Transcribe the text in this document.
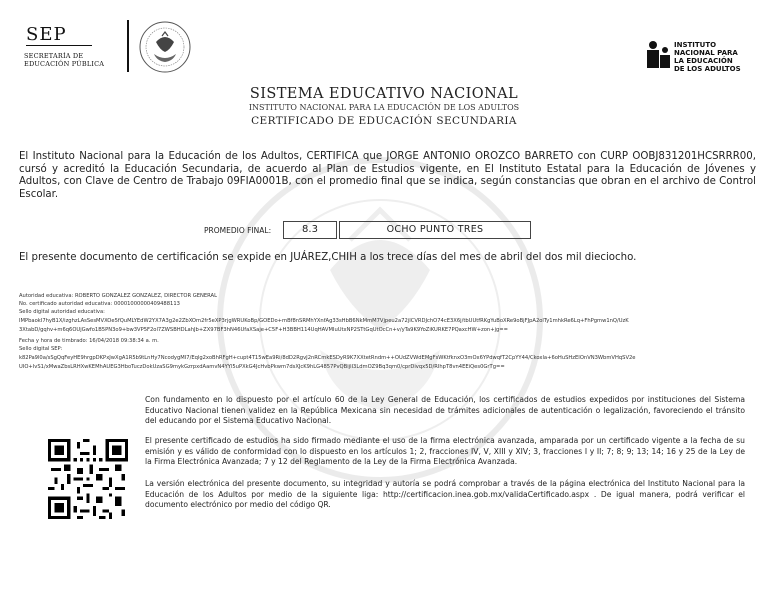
SEP
SECRETARÍA DE
EDUCACIÓN PÚBLICA
INSTITUTO
NACIONAL PARA
LA EDUCACIÓN
DE LOS ADULTOS
SISTEMA EDUCATIVO NACIONAL
INSTITUTO NACIONAL PARA LA EDUCACIÓN DE LOS ADULTOS
CERTIFICADO DE EDUCACIÓN SECUNDARIA
El Instituto Nacional para la Educación de los Adultos, CERTIFICA que JORGE ANTONIO OROZCO BARRETO con CURP OOBJ831201HCSRRR00, cursó y acreditó la Educación Secundaria, de acuerdo al Plan de Estudios vigente, en El Instituto Estatal para la Educación de Jóvenes y Adultos, con Clave de Centro de Trabajo 09FIA0001B, con el promedio final que se indica, según constancias que obran en el archivo de Control Escolar.
PROMEDIO FINAL:	8.3	OCHO PUNTO TRES
El presente documento de certificación se expide en JUÁREZ,CHIH a los trece días del mes de abril del dos mil dieciocho.
Autoridad educativa: ROBERTO GONZALEZ GONZALEZ, DIRECTOR GENERAL
No. certificado autoridad educativa: 00001000000409488113
Sello digital autoridad educativa:
IMPbaokI7hyB1X/izghzLAsSesMVXOe5fQuMLYEdW2YX7A3g2e2ZbXOm2fr5eXP3rjgWRUKoBp/GOEDo+mBf8nSRMhYXnfAg33sHbB6NkMmM7Vjpeu2a72jICVRDJchO74cE3X6j/tbUUtfRKgYuBoXRe9oBjFJpA2olTy1mhkRe6Lq+FhPgmw1nQ/UzK
3XtabD/gqhv+m6q6OUjGwfo1B5PN3o9+bw3VP5F2ol7ZWSBHDLahJb+ZX97BF3hN46UfaXSaje+C5F+H3BBH114UqHAVMIuUtxNP2STtGqUtOcCn+v/yTa9K9YoZiKURKE7PQaxcHW+zon+jg==
Fecha y hora de timbrado: 16/04/2018 09:38:34 a. m.
Sello digital SEP:
k82Pa9l0a/sSgQqFeyHE9hrgpDKPxJwXgA1R5b9tLnHy7NcodygMI7/Eqlg2xoBhRFgH+cupt4T15wEa9Ri/8dD2RgvJ2nRCmkESDyR9K7XXtetRndm++OUdZVWdEMgFsWKtfknxO3mOx6YPdwqfT2CpYY44/Ckoxla+6oHuSHzEIOnVN3WbmVHqSV2e
UIO+IvS1/xMwaZbsLRHXwKEMhAUEG3HboTuczDokUzaSG9mykGzrpxdAamvN4YYl5uPXkG4JcHvbPkwm7dsXJcK9hLG4857PvQBijlI3LdmOZ9Bq3qm0/cprDivqx5D/RIhpT8vn4EEiQes0GrTg==
Con fundamento en lo dispuesto por el artículo 60 de la Ley General de Educación, los certificados de estudios expedidos por instituciones del Sistema Educativo Nacional tienen validez en la República Mexicana sin necesidad de trámites adicionales de autenticación o legalización, favoreciendo el tránsito del educando por el Sistema Educativo Nacional.
El presente certificado de estudios ha sido firmado mediante el uso de la firma electrónica avanzada, amparada por un certificado vigente a la fecha de su emisión y es válido de conformidad con lo dispuesto en los artículos 1; 2, fracciones IV, V, XIII y XIV; 3, fracciones I y II; 7; 8; 9; 13; 14; 16 y 25 de la Ley de la Firma Electrónica Avanzada; 7 y 12 del Reglamento de la Ley de la Firma Electrónica Avanzada.
La versión electrónica del presente documento, su integridad y autoría se podrá comprobar a través de la página electrónica del Instituto Nacional para la Educación de los Adultos por medio de la siguiente liga: http://certificacion.inea.gob.mx/validaCertificado.aspx . De igual manera, podrá verificar el documento electrónico por medio del código QR.
